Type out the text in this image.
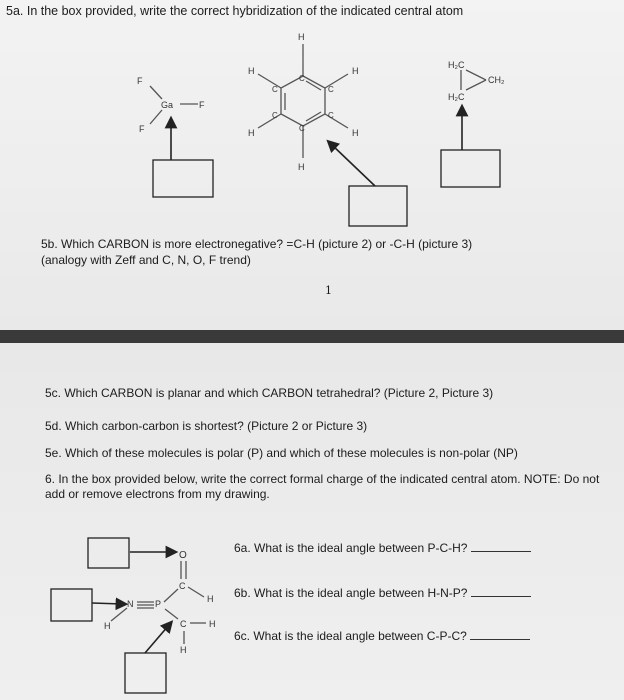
5a. In the box provided, write the correct hybridization of the indicated central atom
F
Ga	F
F
H
H
H	H
H	H
C
C
C
C
C
C
H₂C
CH₂
H₂C
5b. Which CARBON is more electronegative? =C-H (picture 2) or -C-H (picture 3)
(analogy with Zeff and C, N, O, F trend)
1
5c. Which CARBON is planar and which CARBON tetrahedral? (Picture 2, Picture 3)
5d. Which carbon-carbon is shortest? (Picture 2 or Picture 3)
5e. Which of these molecules is polar (P) and which of these molecules is non-polar (NP)
6. In the box provided below, write the correct formal charge of the indicated central atom. NOTE: Do not
add or remove electrons from my drawing.
6a. What is the ideal angle between P-C-H?
6b. What is the ideal angle between H-N-P?
6c. What is the ideal angle between C-P-C?
O
C
H
N P
H	C	H
H
